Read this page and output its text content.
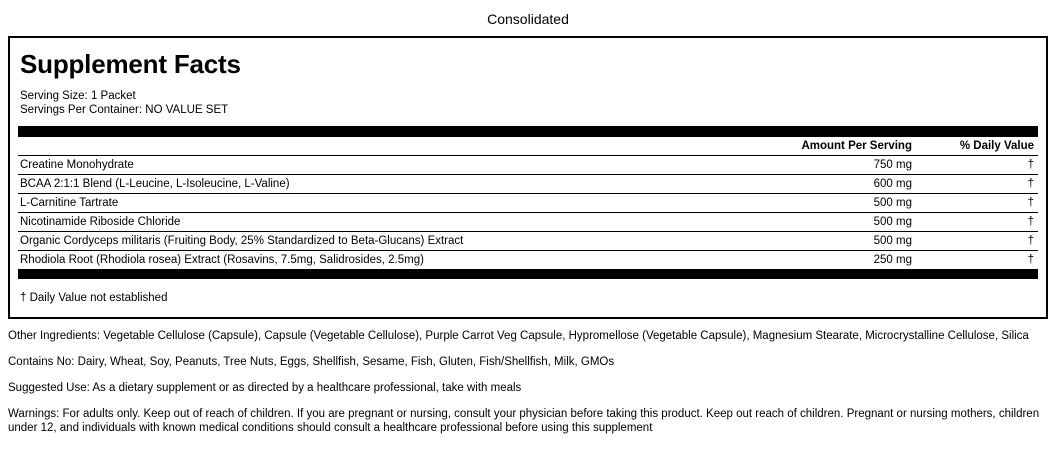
Consolidated
Supplement Facts
Serving Size: 1 Packet
Servings Per Container: NO VALUE SET
Amount Per Serving	% Daily Value
Creatine Monohydrate	750 mg	†
BCAA 2:1:1 Blend (L-Leucine, L-Isoleucine, L-Valine)	600 mg	†
L-Carnitine Tartrate	500 mg	†
Nicotinamide Riboside Chloride	500 mg	†
Organic Cordyceps militaris (Fruiting Body, 25% Standardized to Beta-Glucans) Extract	500 mg	†
Rhodiola Root (Rhodiola rosea) Extract (Rosavins, 7.5mg, Salidrosides, 2.5mg)	250 mg	†
† Daily Value not established

Other Ingredients: Vegetable Cellulose (Capsule), Capsule (Vegetable Cellulose), Purple Carrot Veg Capsule, Hypromellose (Vegetable Capsule), Magnesium Stearate, Microcrystalline Cellulose, Silica

Contains No: Dairy, Wheat, Soy, Peanuts, Tree Nuts, Eggs, Shellfish, Sesame, Fish, Gluten, Fish/Shellfish, Milk, GMOs

Suggested Use: As a dietary supplement or as directed by a healthcare professional, take with meals

Warnings: For adults only. Keep out of reach of children. If you are pregnant or nursing, consult your physician before taking this product. Keep out reach of children. Pregnant or nursing mothers, children under 12, and individuals with known medical conditions should consult a healthcare professional before using this supplement
